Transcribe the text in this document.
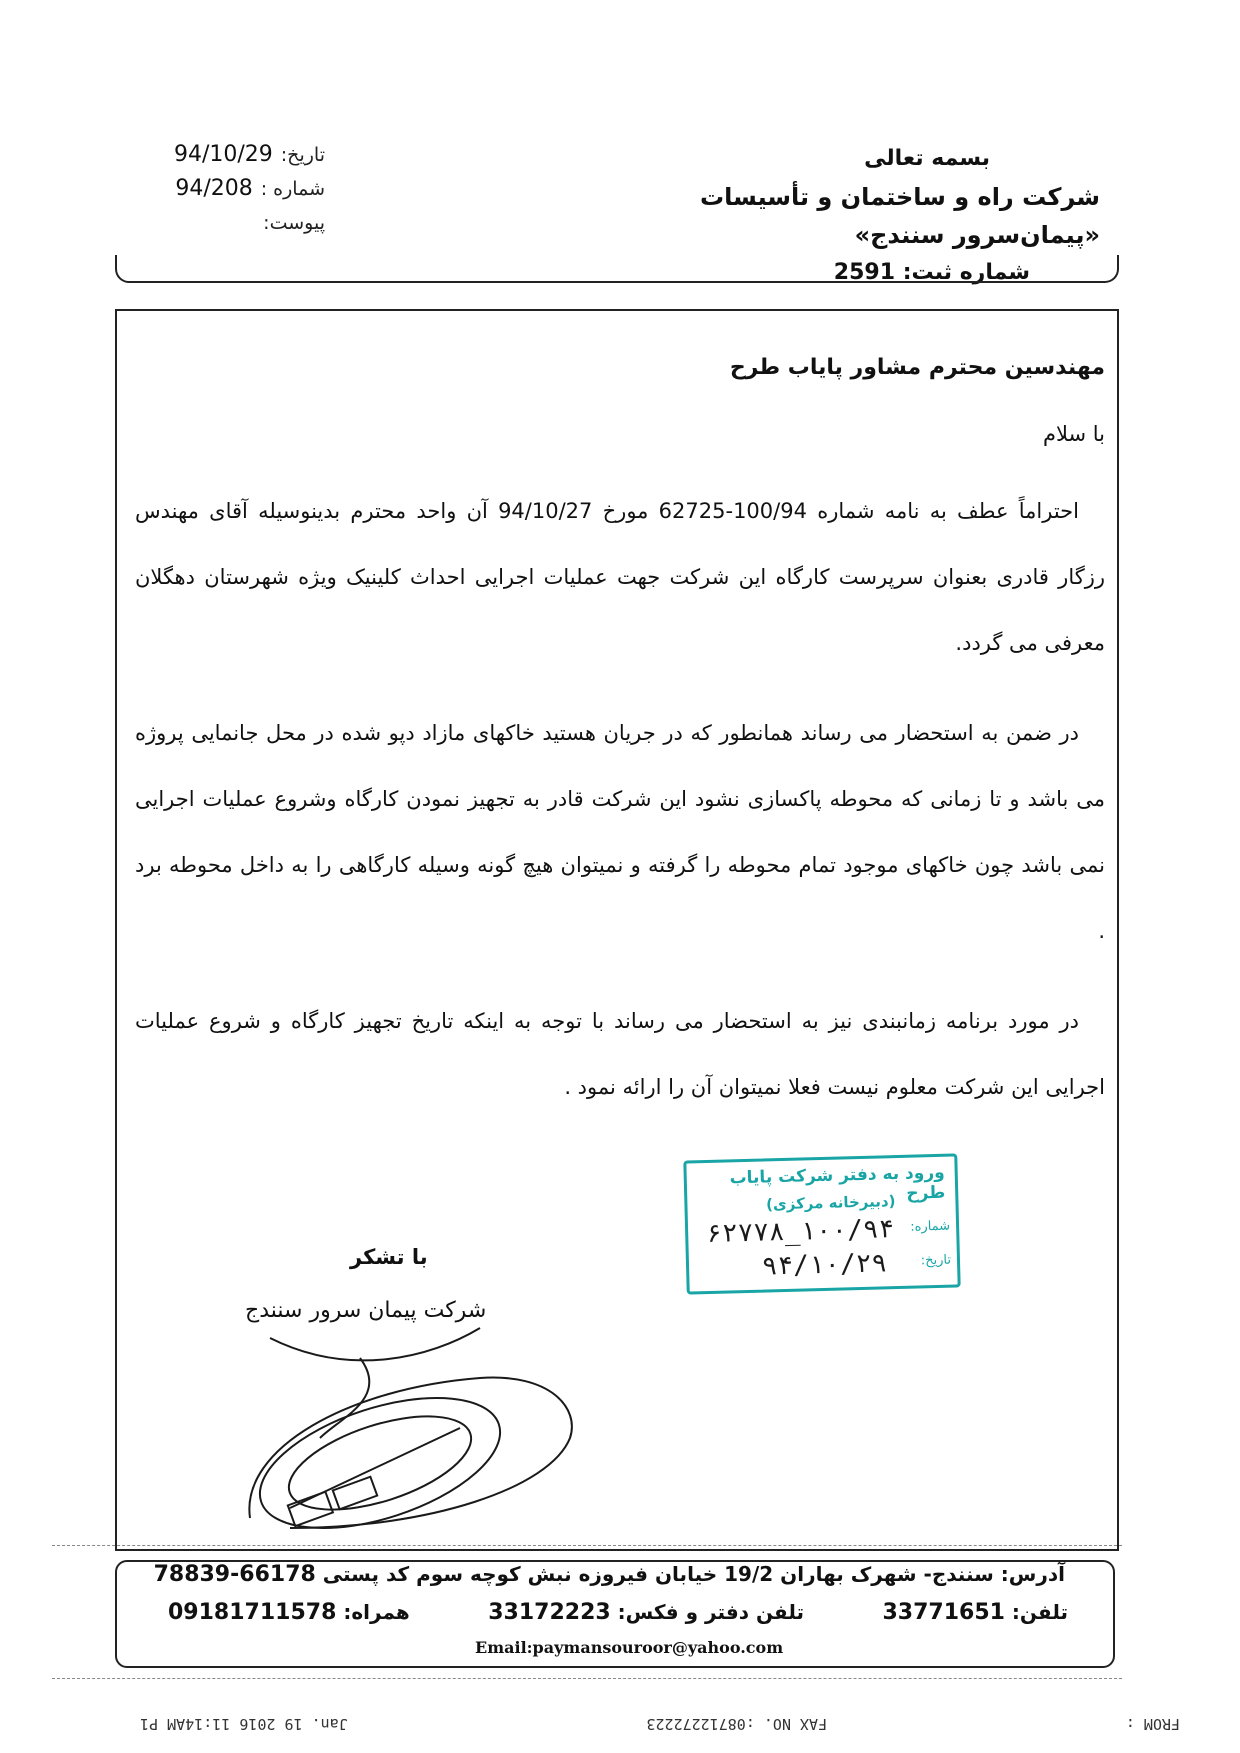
بسمه تعالی
شرکت راه و ساختمان و تأسیسات «پیمان‌سرور سنندج»
شماره ثبت: 2591
تاریخ:
94/10/29
شماره :
94/208
پیوست:

مهندسین محترم مشاور پایاب طرح

با سلام

احتراماً عطف به نامه شماره 100/94-62725 مورخ 94/10/27 آن واحد محترم بدینوسیله آقای مهندس رزگار قادری بعنوان سرپرست کارگاه این شرکت جهت عملیات اجرایی احداث کلینیک ویژه شهرستان دهگلان معرفی می گردد.

در ضمن به استحضار می رساند همانطور که در جریان هستید خاکهای مازاد دپو شده در محل جانمایی پروژه می باشد و تا زمانی که محوطه پاکسازی نشود این شرکت قادر به تجهیز نمودن کارگاه وشروع عملیات اجرایی نمی باشد چون خاکهای موجود تمام محوطه را گرفته و نمیتوان هیچ گونه وسیله کارگاهی را به داخل محوطه برد .

در مورد برنامه زمانبندی نیز به استحضار می رساند با توجه به اینکه تاریخ تجهیز کارگاه و شروع عملیات اجرایی این شرکت معلوم نیست فعلا نمیتوان آن را ارائه نمود .

ورود به دفتر شرکت پایاب طرح
(دبیرخانه مرکزی)
شماره:
۱۰۰/۹۴_۶۲۷۷۸
تاریخ:
۹۴/۱۰/۲۹
با تشکر
شرکت پیمان سرور سنندج
آدرس: سنندج- شهرک بهاران 19/2 خیابان فیروزه نبش کوچه سوم کد پستی 66178-78839
تلفن: 33771651
تلفن دفتر و فکس: 33172223
همراه: 09181711578
Email:paymansouroor@yahoo.com
FROM :
FAX NO. :08712272223
Jan. 19 2016 11:14AM P1
